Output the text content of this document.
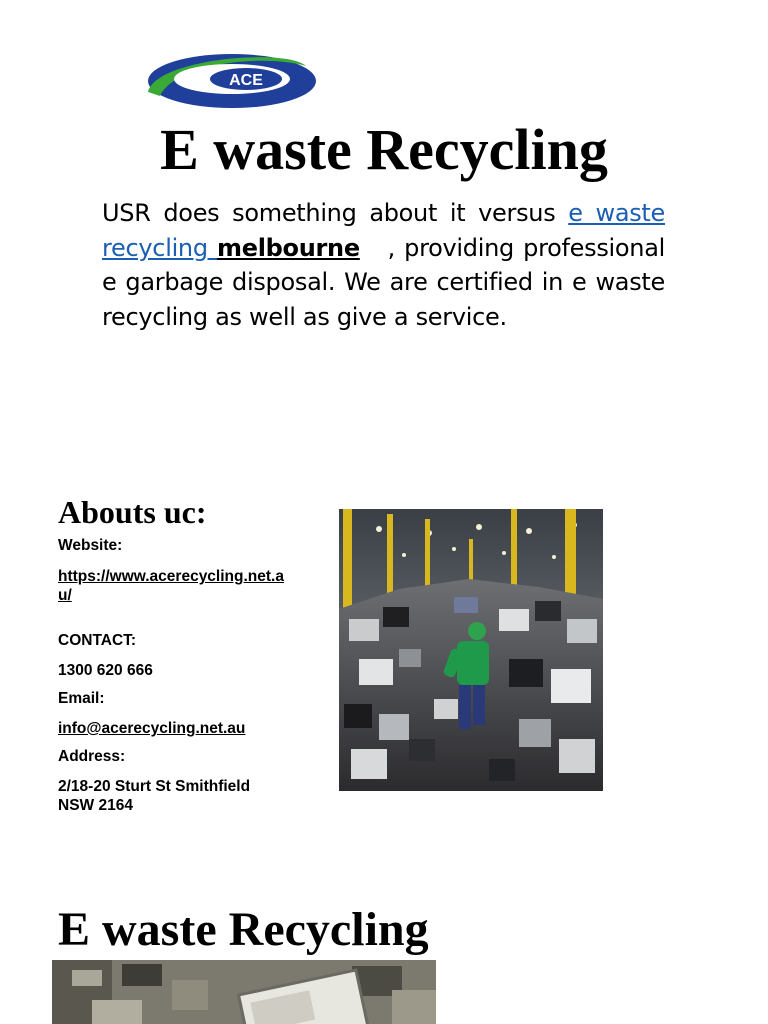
ACE
E waste Recycling

USR does something about it versus e waste recycling melbourne   , providing professional e garbage disposal. We are certified in e waste recycling as well as give a service.

Abouts uc:

Website:

https://www.acerecycling.net.au/

CONTACT:

1300 620 666

Email:

info@acerecycling.net.au

Address:

2/18-20 Sturt St Smithfield NSW 2164

E waste Recycling
